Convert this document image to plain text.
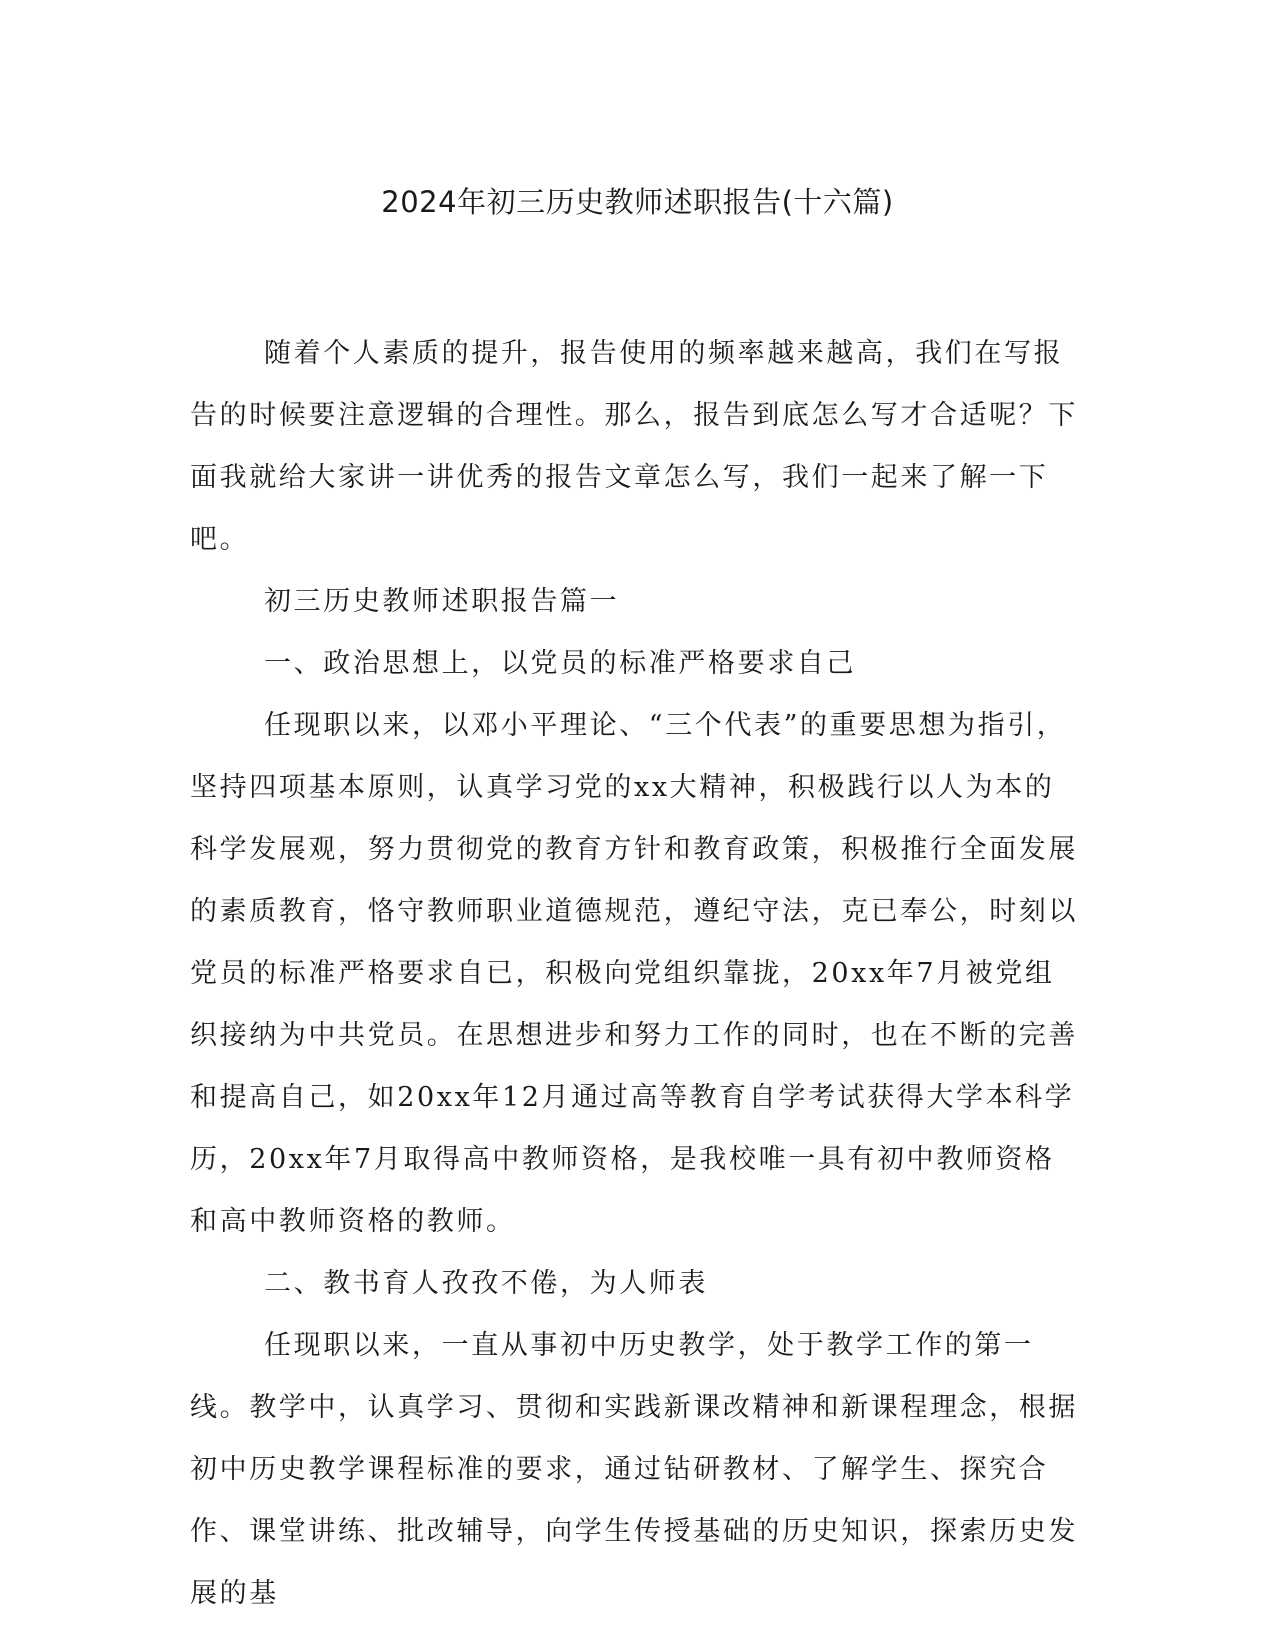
2024年初三历史教师述职报告(十六篇)

随着个人素质的提升，报告使用的频率越来越高，我们在写报告的时候要注意逻辑的合理性。那么，报告到底怎么写才合适呢？下面我就给大家讲一讲优秀的报告文章怎么写，我们一起来了解一下吧。

初三历史教师述职报告篇一

一、政治思想上，以党员的标准严格要求自己

任现职以来，以邓小平理论、“三个代表”的重要思想为指引，坚持四项基本原则，认真学习党的xx大精神，积极践行以人为本的科学发展观，努力贯彻党的教育方针和教育政策，积极推行全面发展的素质教育，恪守教师职业道德规范，遵纪守法，克已奉公，时刻以党员的标准严格要求自已，积极向党组织靠拢，20xx年7月被党组织接纳为中共党员。在思想进步和努力工作的同时，也在不断的完善和提高自己，如20xx年12月通过高等教育自学考试获得大学本科学历，20xx年7月取得高中教师资格，是我校唯一具有初中教师资格和高中教师资格的教师。

二、教书育人孜孜不倦，为人师表

任现职以来，一直从事初中历史教学，处于教学工作的第一线。教学中，认真学习、贯彻和实践新课改精神和新课程理念，根据初中历史教学课程标准的要求，通过钻研教材、了解学生、探究合作、课堂讲练、批改辅导，向学生传授基础的历史知识，探索历史发展的基
